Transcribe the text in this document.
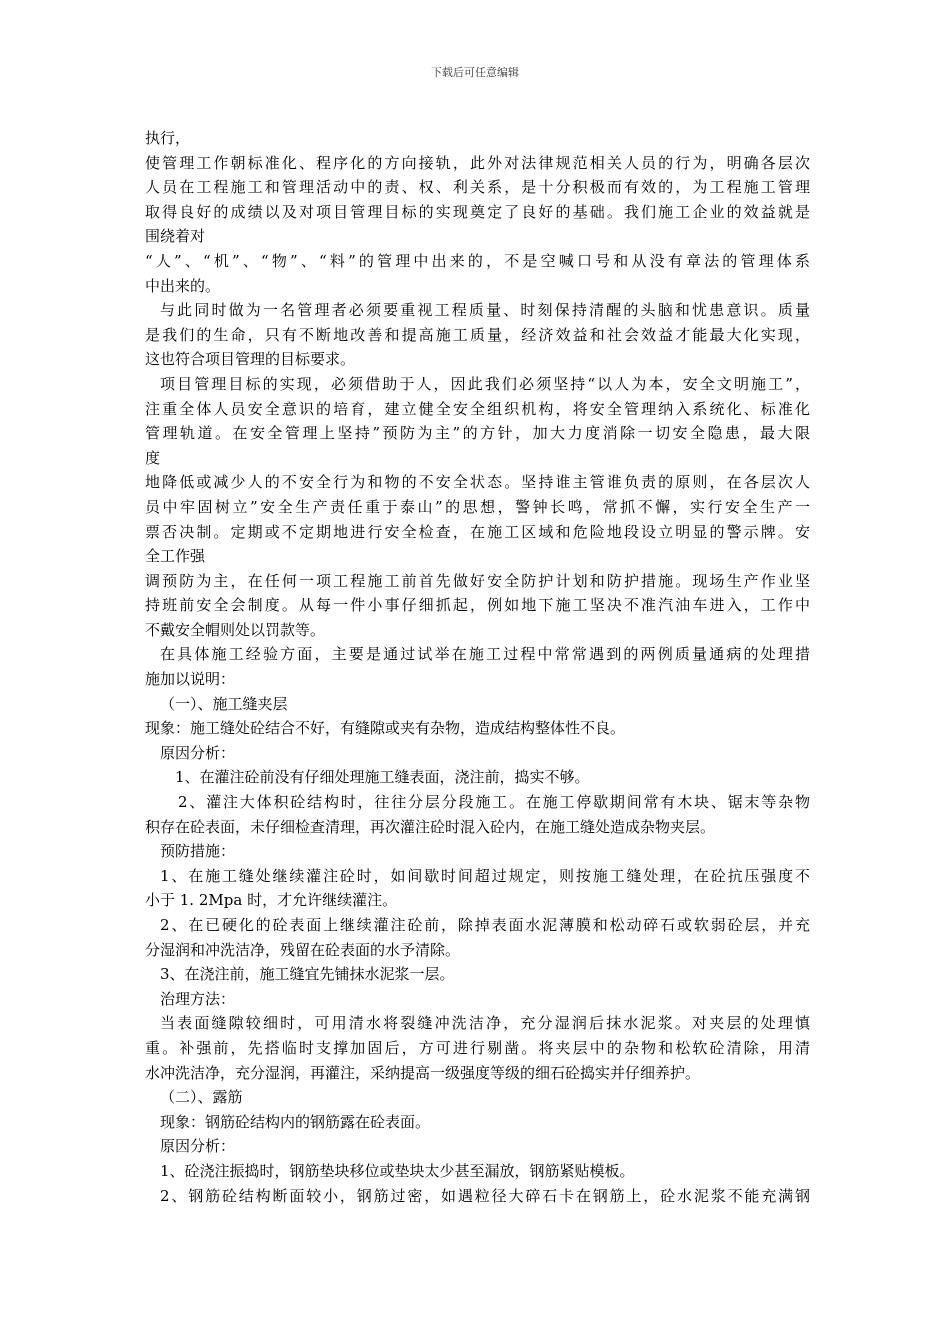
下载后可任意编辑
执行，
使管理工作朝标准化、程序化的方向接轨，此外对法律规范相关人员的行为，明确各层次
人员在工程施工和管理活动中的责、权、利关系，是十分积极而有效的，为工程施工管理
取得良好的成绩以及对项目管理目标的实现奠定了良好的基础。我们施工企业的效益就是
围绕着对
“人”、“机”、“物”、“料”的管理中出来的，不是空喊口号和从没有章法的管理体系
中出来的。
与此同时做为一名管理者必须要重视工程质量、时刻保持清醒的头脑和忧患意识。质量
是我们的生命，只有不断地改善和提高施工质量，经济效益和社会效益才能最大化实现，
这也符合项目管理的目标要求。
项目管理目标的实现，必须借助于人，因此我们必须坚持“以人为本，安全文明施工”，
注重全体人员安全意识的培育，建立健全安全组织机构，将安全管理纳入系统化、标准化
管理轨道。在安全管理上坚持”预防为主”的方针，加大力度消除一切安全隐患，最大限
度
地降低或减少人的不安全行为和物的不安全状态。坚持谁主管谁负责的原则，在各层次人
员中牢固树立”安全生产责任重于泰山”的思想，警钟长鸣，常抓不懈，实行安全生产一
票否决制。定期或不定期地进行安全检查，在施工区域和危险地段设立明显的警示牌。安
全工作强
调预防为主，在任何一项工程施工前首先做好安全防护计划和防护措施。现场生产作业坚
持班前安全会制度。从每一件小事仔细抓起，例如地下施工坚决不准汽油车进入，工作中
不戴安全帽则处以罚款等。
在具体施工经验方面，主要是通过试举在施工过程中常常遇到的两例质量通病的处理措
施加以说明：
（一）、施工缝夹层
现象：施工缝处砼结合不好，有缝隙或夹有杂物，造成结构整体性不良。
原因分析：
1、在灌注砼前没有仔细处理施工缝表面，浇注前，捣实不够。
2、灌注大体积砼结构时，往往分层分段施工。在施工停歇期间常有木块、锯末等杂物
积存在砼表面，未仔细检查清理，再次灌注砼时混入砼内，在施工缝处造成杂物夹层。
预防措施：
1、在施工缝处继续灌注砼时，如间歇时间超过规定，则按施工缝处理，在砼抗压强度不
小于 1. 2Mpa 时，才允许继续灌注。
2、在已硬化的砼表面上继续灌注砼前，除掉表面水泥薄膜和松动碎石或软弱砼层，并充
分湿润和冲洗洁净，残留在砼表面的水予清除。
3、在浇注前，施工缝宜先铺抹水泥浆一层。
治理方法：
当表面缝隙较细时，可用清水将裂缝冲洗洁净，充分湿润后抹水泥浆。对夹层的处理慎
重。补强前，先搭临时支撑加固后，方可进行剔凿。将夹层中的杂物和松软砼清除，用清
水冲洗洁净，充分湿润，再灌注，采纳提高一级强度等级的细石砼捣实并仔细养护。
（二）、露筋
现象：钢筋砼结构内的钢筋露在砼表面。
原因分析：
1、砼浇注振捣时，钢筋垫块移位或垫块太少甚至漏放，钢筋紧贴模板。
2、钢筋砼结构断面较小，钢筋过密，如遇粒径大碎石卡在钢筋上，砼水泥浆不能充满钢
